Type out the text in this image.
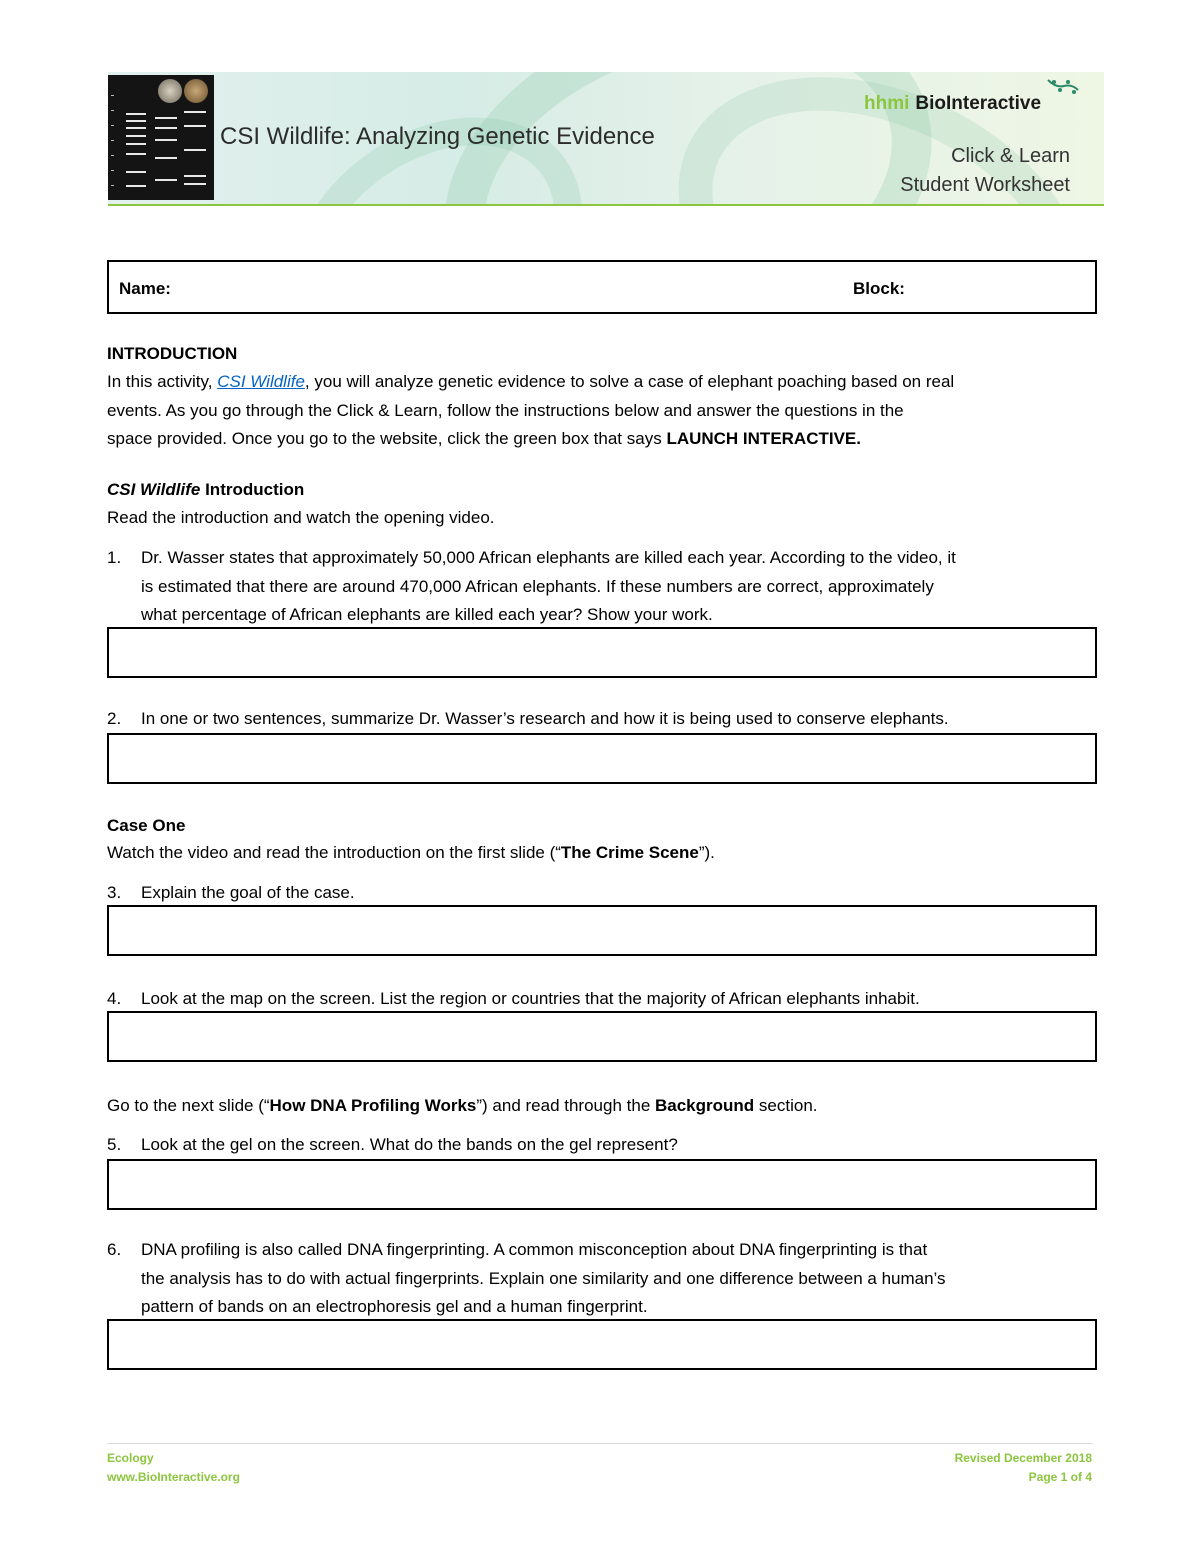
CSI Wildlife: Analyzing Genetic Evidence
hhmi BioInteractive
Click & Learn
Student Worksheet
Name:	Block:
INTRODUCTION
In this activity, CSI Wildlife, you will analyze genetic evidence to solve a case of elephant poaching based on real
events. As you go through the Click & Learn, follow the instructions below and answer the questions in the
space provided. Once you go to the website, click the green box that says LAUNCH INTERACTIVE.
CSI Wildlife Introduction
Read the introduction and watch the opening video.
1.	Dr. Wasser states that approximately 50,000 African elephants are killed each year. According to the video, it
is estimated that there are around 470,000 African elephants. If these numbers are correct, approximately
what percentage of African elephants are killed each year? Show your work.
2.	In one or two sentences, summarize Dr. Wasser’s research and how it is being used to conserve elephants.
Case One
Watch the video and read the introduction on the first slide (“The Crime Scene”).
3.	Explain the goal of the case.
4.	Look at the map on the screen. List the region or countries that the majority of African elephants inhabit.
Go to the next slide (“How DNA Profiling Works”) and read through the Background section.
5.	Look at the gel on the screen. What do the bands on the gel represent?
6.	DNA profiling is also called DNA fingerprinting. A common misconception about DNA fingerprinting is that
the analysis has to do with actual fingerprints. Explain one similarity and one difference between a human’s
pattern of bands on an electrophoresis gel and a human fingerprint.
Ecology
www.BioInteractive.org
Revised December 2018
Page 1 of 4
